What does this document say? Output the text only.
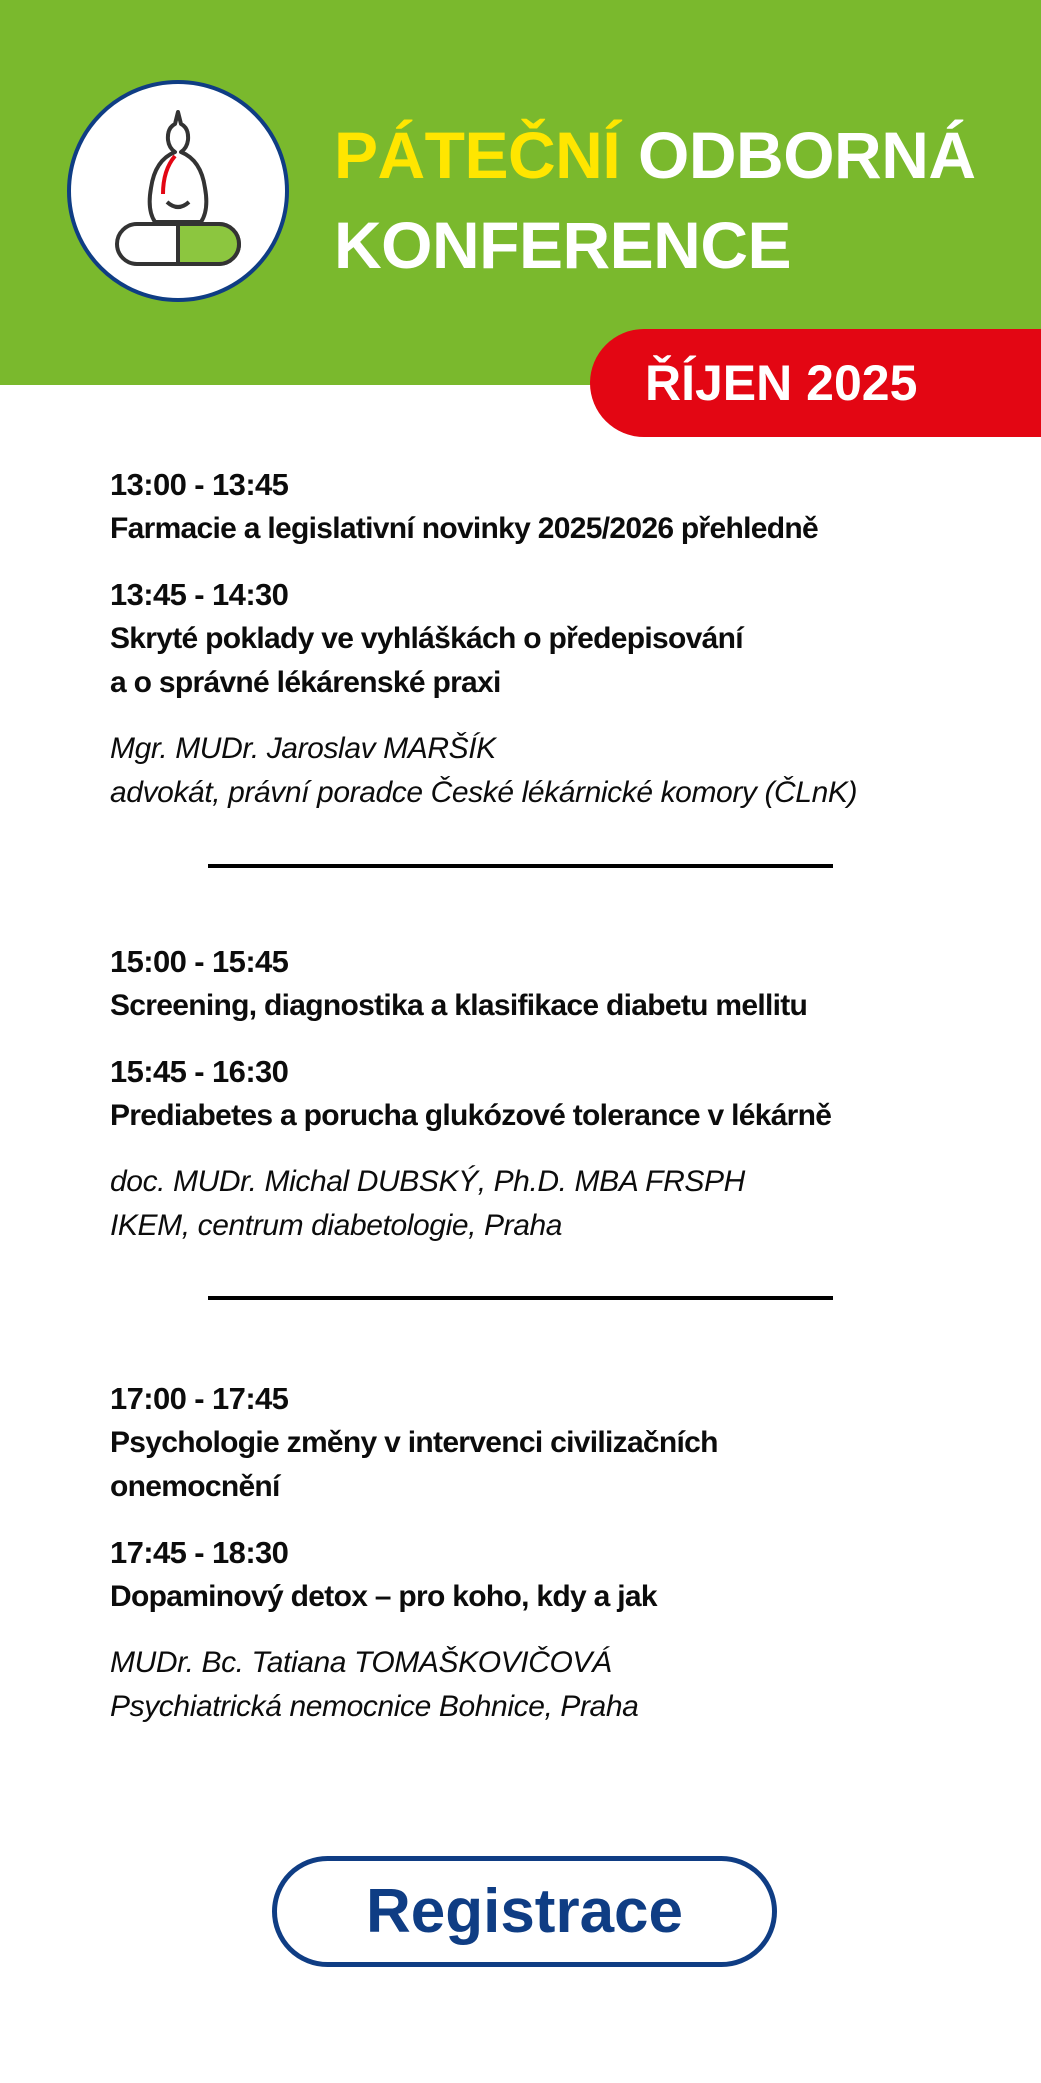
PÁTEČNÍ ODBORNÁ
KONFERENCE
ŘÍJEN 2025
13:00 - 13:45
Farmacie a legislativní novinky 2025/2026 přehledně
13:45 - 14:30
Skryté poklady ve vyhláškách o předepisování
a o správné lékárenské praxi
Mgr. MUDr. Jaroslav MARŠÍK
advokát, právní poradce České lékárnické komory (ČLnK)
15:00 - 15:45
Screening, diagnostika a klasifikace diabetu mellitu
15:45 - 16:30
Prediabetes a porucha glukózové tolerance v lékárně
doc. MUDr. Michal DUBSKÝ, Ph.D. MBA FRSPH
IKEM, centrum diabetologie, Praha
17:00 - 17:45
Psychologie změny v intervenci civilizačních
onemocnění
17:45 - 18:30
Dopaminový detox – pro koho, kdy a jak
MUDr. Bc. Tatiana TOMAŠKOVIČOVÁ
Psychiatrická nemocnice Bohnice, Praha
Registrace
